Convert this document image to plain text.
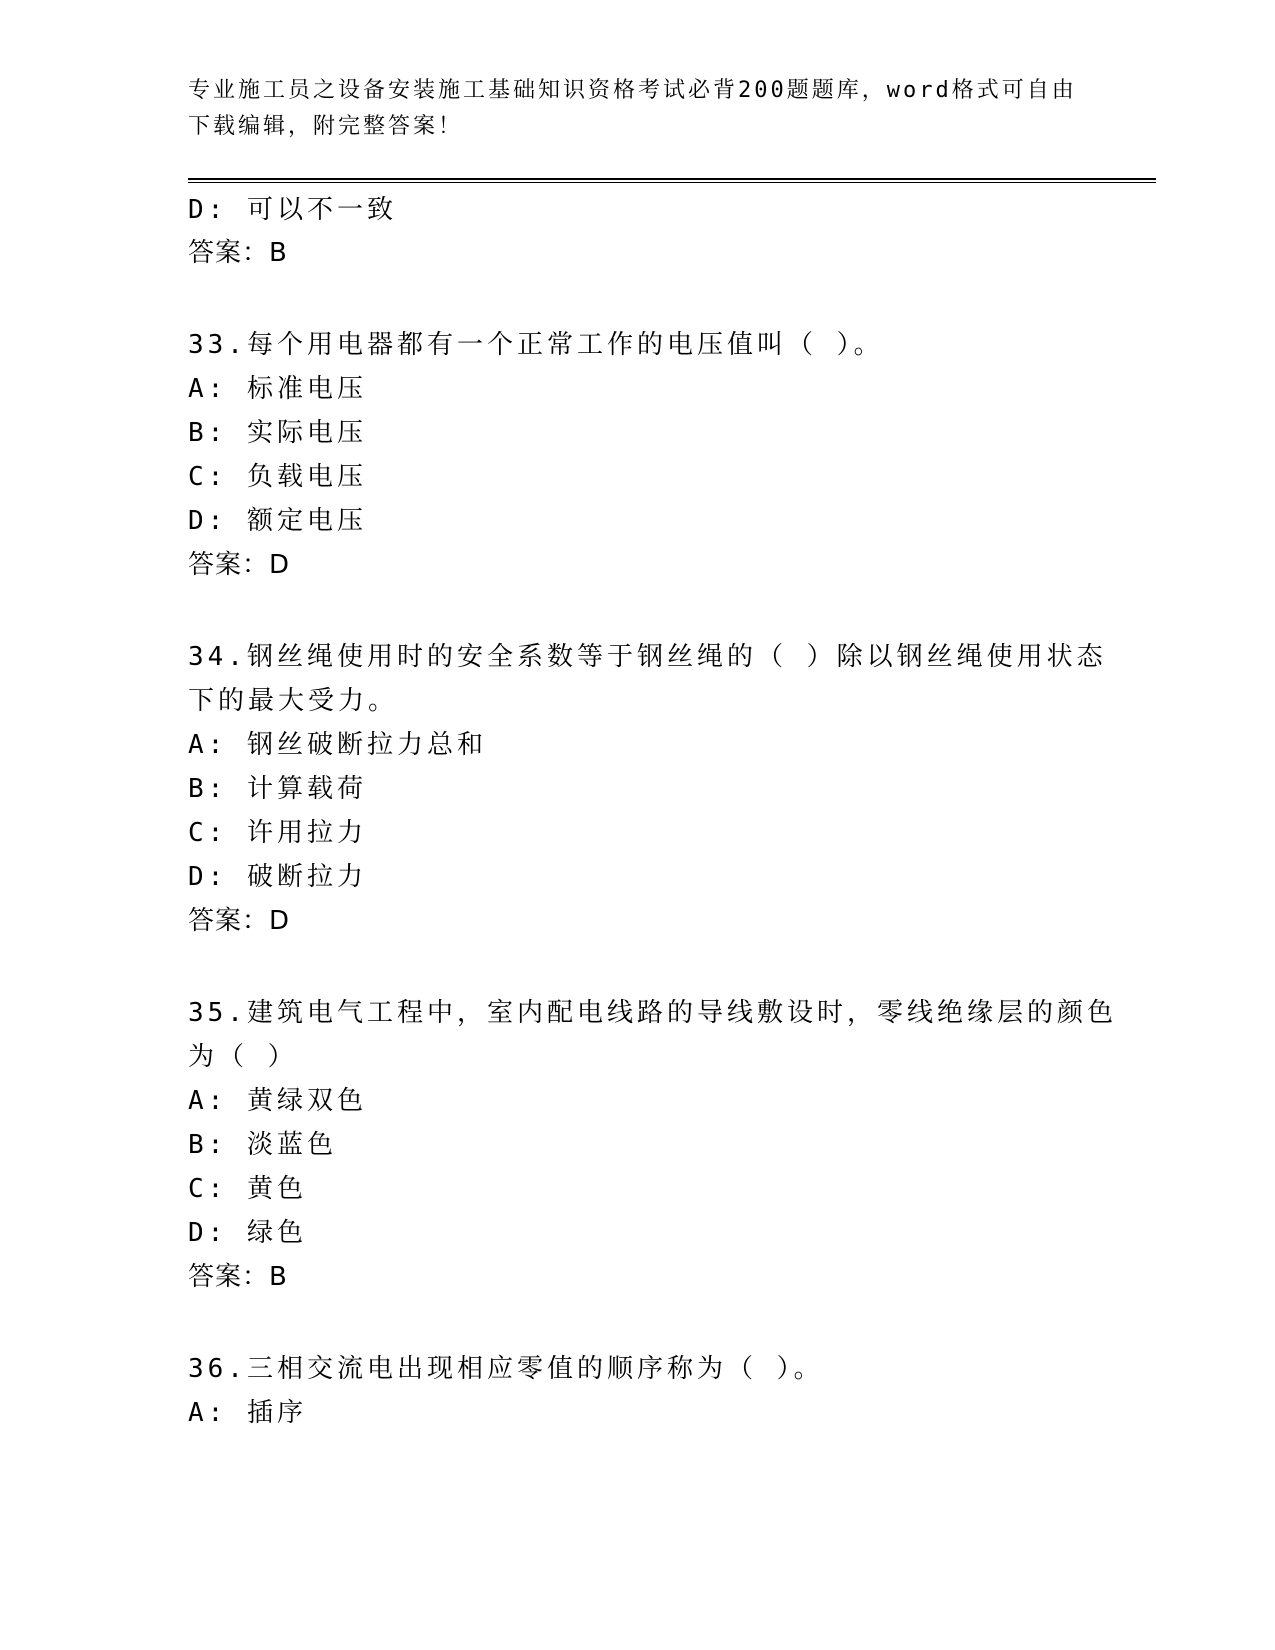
专业施工员之设备安装施工基础知识资格考试必背200题题库，word格式可自由
下载编辑，附完整答案！
D: 可以不一致
答案：B
33.每个用电器都有一个正常工作的电压值叫（ ）。
A: 标准电压
B: 实际电压
C: 负载电压
D: 额定电压
答案：D
34.钢丝绳使用时的安全系数等于钢丝绳的（ ）除以钢丝绳使用状态
下的最大受力。
A: 钢丝破断拉力总和
B: 计算载荷
C: 许用拉力
D: 破断拉力
答案：D
35.建筑电气工程中，室内配电线路的导线敷设时，零线绝缘层的颜色
为（ ）
A: 黄绿双色
B: 淡蓝色
C: 黄色
D: 绿色
答案：B
36.三相交流电出现相应零值的顺序称为（ ）。
A: 插序
